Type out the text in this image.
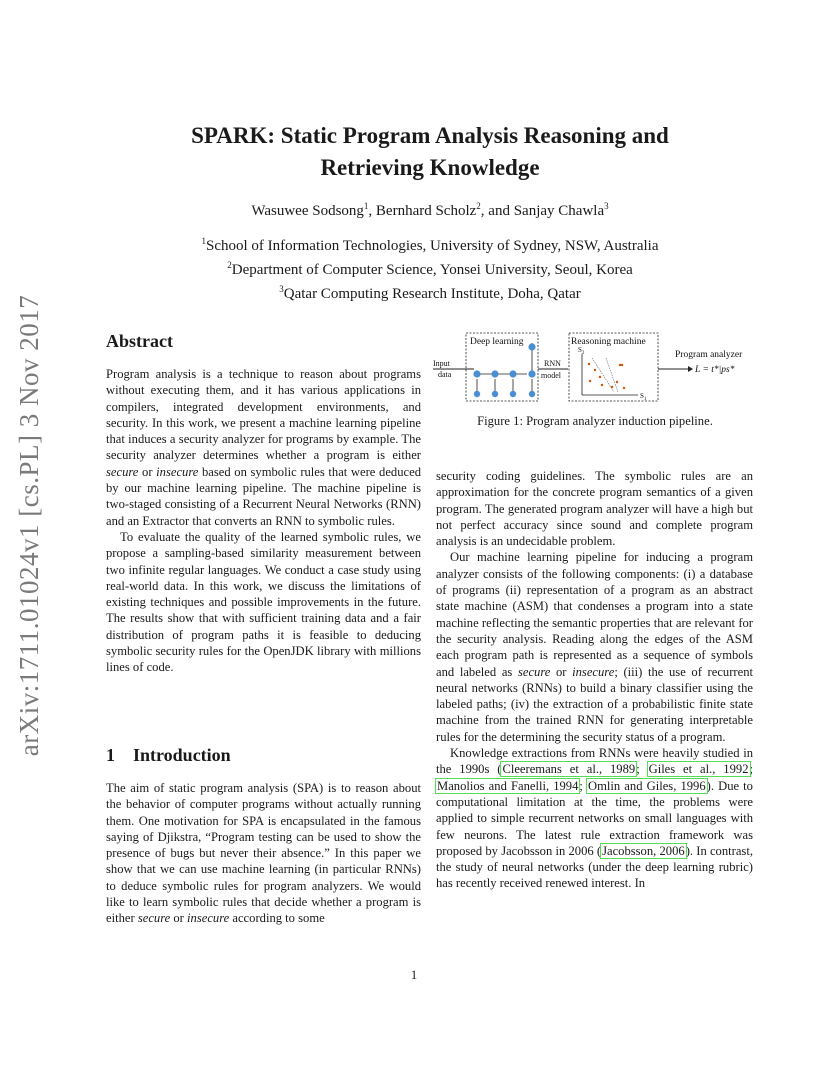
arXiv:1711.01024v1 [cs.PL] 3 Nov 2017
SPARK: Static Program Analysis Reasoning and
Retrieving Knowledge
Wasuwee Sodsong$^1$, Bernhard Scholz$^2$, and Sanjay Chawla$^3$
$^1$School of Information Technologies, University of Sydney, NSW, Australia
$^2$Department of Computer Science, Yonsei University, Seoul, Korea
$^3$Qatar Computing Research Institute, Doha, Qatar
Abstract

Program analysis is a technique to reason about programs without executing them, and it has various applications in compilers, integrated development environments, and security. In this work, we present a machine learning pipeline that induces a security analyzer for programs by example. The security analyzer determines whether a program is either secure or insecure based on symbolic rules that were deduced by our machine learning pipeline. The machine pipeline is two-staged consisting of a Recurrent Neural Networks (RNN) and an Extractor that converts an RNN to symbolic rules.

To evaluate the quality of the learned symbolic rules, we propose a sampling-based similarity measurement between two infinite regular languages. We conduct a case study using real-world data. In this work, we discuss the limitations of existing techniques and possible improvements in the future. The results show that with sufficient training data and a fair distribution of program paths it is feasible to deducing symbolic security rules for the OpenJDK library with millions lines of code.

1 Introduction

The aim of static program analysis (SPA) is to reason about the behavior of computer programs without actually running them. One motivation for SPA is encapsulated in the famous saying of Djikstra, “Program testing can be used to show the presence of bugs but never their absence.” In this paper we show that we can use machine learning (in particular RNNs) to deduce symbolic rules for program analyzers. We would like to learn symbolic rules that decide whether a program is either secure or insecure according to some

Deep learning
Input
data
RNN
model
Reasoning machine
$S_2$
$S_1$
Program analyzer
L = t*|ps*
Figure 1: Program analyzer induction pipeline.

security coding guidelines. The symbolic rules are an approximation for the concrete program semantics of a given program. The generated program analyzer will have a high but not perfect accuracy since sound and complete program analysis is an undecidable problem.

Our machine learning pipeline for inducing a program analyzer consists of the following components: (i) a database of programs (ii) representation of a program as an abstract state machine (ASM) that condenses a program into a state machine reflecting the semantic properties that are relevant for the security analysis. Reading along the edges of the ASM each program path is represented as a sequence of symbols and labeled as secure or insecure; (iii) the use of recurrent neural networks (RNNs) to build a binary classifier using the labeled paths; (iv) the extraction of a probabilistic finite state machine from the trained RNN for generating interpretable rules for the determining the security status of a program.

Knowledge extractions from RNNs were heavily studied in the 1990s (Cleeremans et al., 1989; Giles et al., 1992; Manolios and Fanelli, 1994; Omlin and Giles, 1996). Due to computational limitation at the time, the problems were applied to simple recurrent networks on small languages with few neurons. The latest rule extraction framework was proposed by Jacobsson in 2006 (Jacobsson, 2006). In contrast, the study of neural networks (under the deep learning rubric) has recently received renewed interest. In

1
